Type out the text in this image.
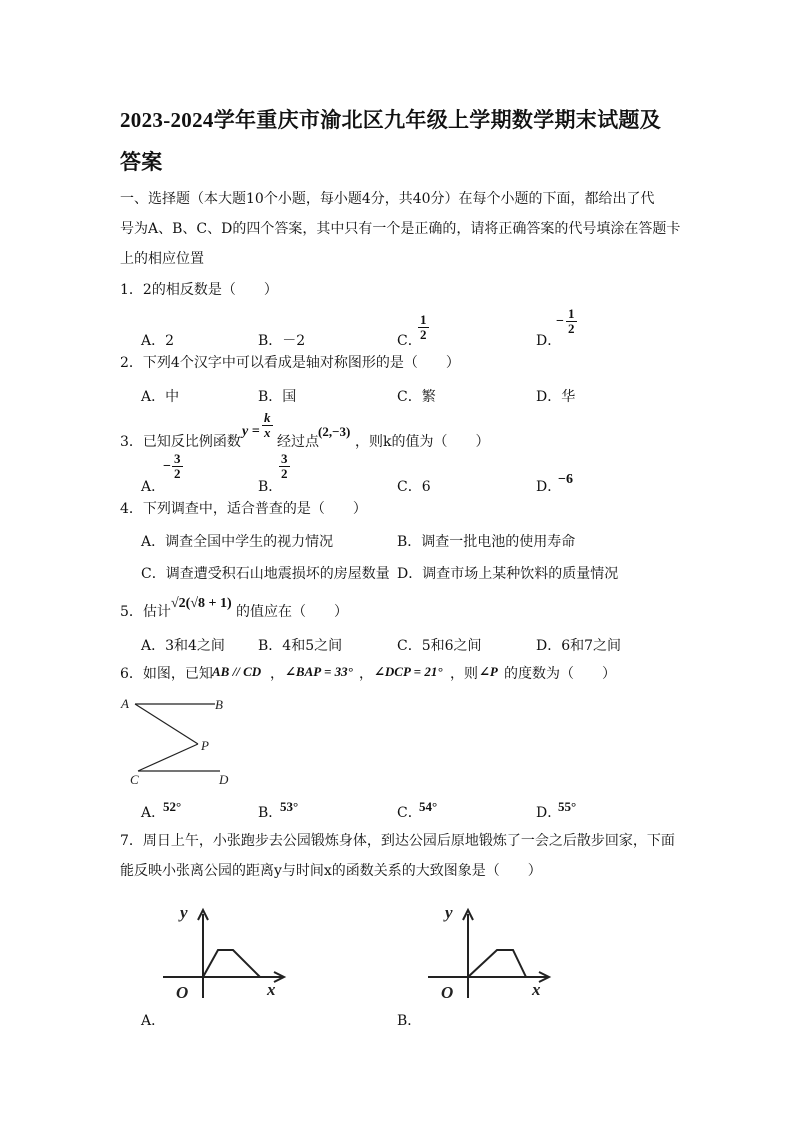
2023-2024学年重庆市渝北区九年级上学期数学期末试题及
答案
一、选择题（本大题10个小题，每小题4分，共40分）在每个小题的下面，都给出了代
号为A、B、C、D的四个答案，其中只有一个是正确的，请将正确答案的代号填涂在答题卡
上的相应位置
1．2的相反数是（　　）
A．2	B．－2	C．
$\frac{1}{2}$	D．
− $\frac{1}{2}$
2．下列4个汉字中可以看成是轴对称图形的是（　　）
A．中	B．国	C．繁	D．华
3．已知反比例函数
$y = \frac{k}{x}$
经过点
(2,−3)
，则k的值为（　　）
A．
− $\frac{3}{2}$
B．
$\frac{3}{2}$
C．6	D．
−6
4．下列调查中，适合普查的是（　　）
A．调查全国中学生的视力情况	B．调查一批电池的使用寿命
C．调查遭受积石山地震损坏的房屋数量 D．调查市场上某种饮料的质量情况
5．估计
√2(√8 + 1)
的值应在（　　）
A．3和4之间 B．4和5之间	C．5和6之间	D．6和7之间
6．如图，已知 AB // CD ， ∠BAP = 33° ， ∠DCP = 21° ，则 ∠P 的度数为（　　）
A	B
P
C	D
A．
52°	B．
53°	C．
54°	D．
55°
7．周日上午，小张跑步去公园锻炼身体，到达公园后原地锻炼了一会之后散步回家，下面
能反映小张离公园的距离y与时间x的函数关系的大致图象是（　　）
y
x
O
A．
y
x
O
B．
